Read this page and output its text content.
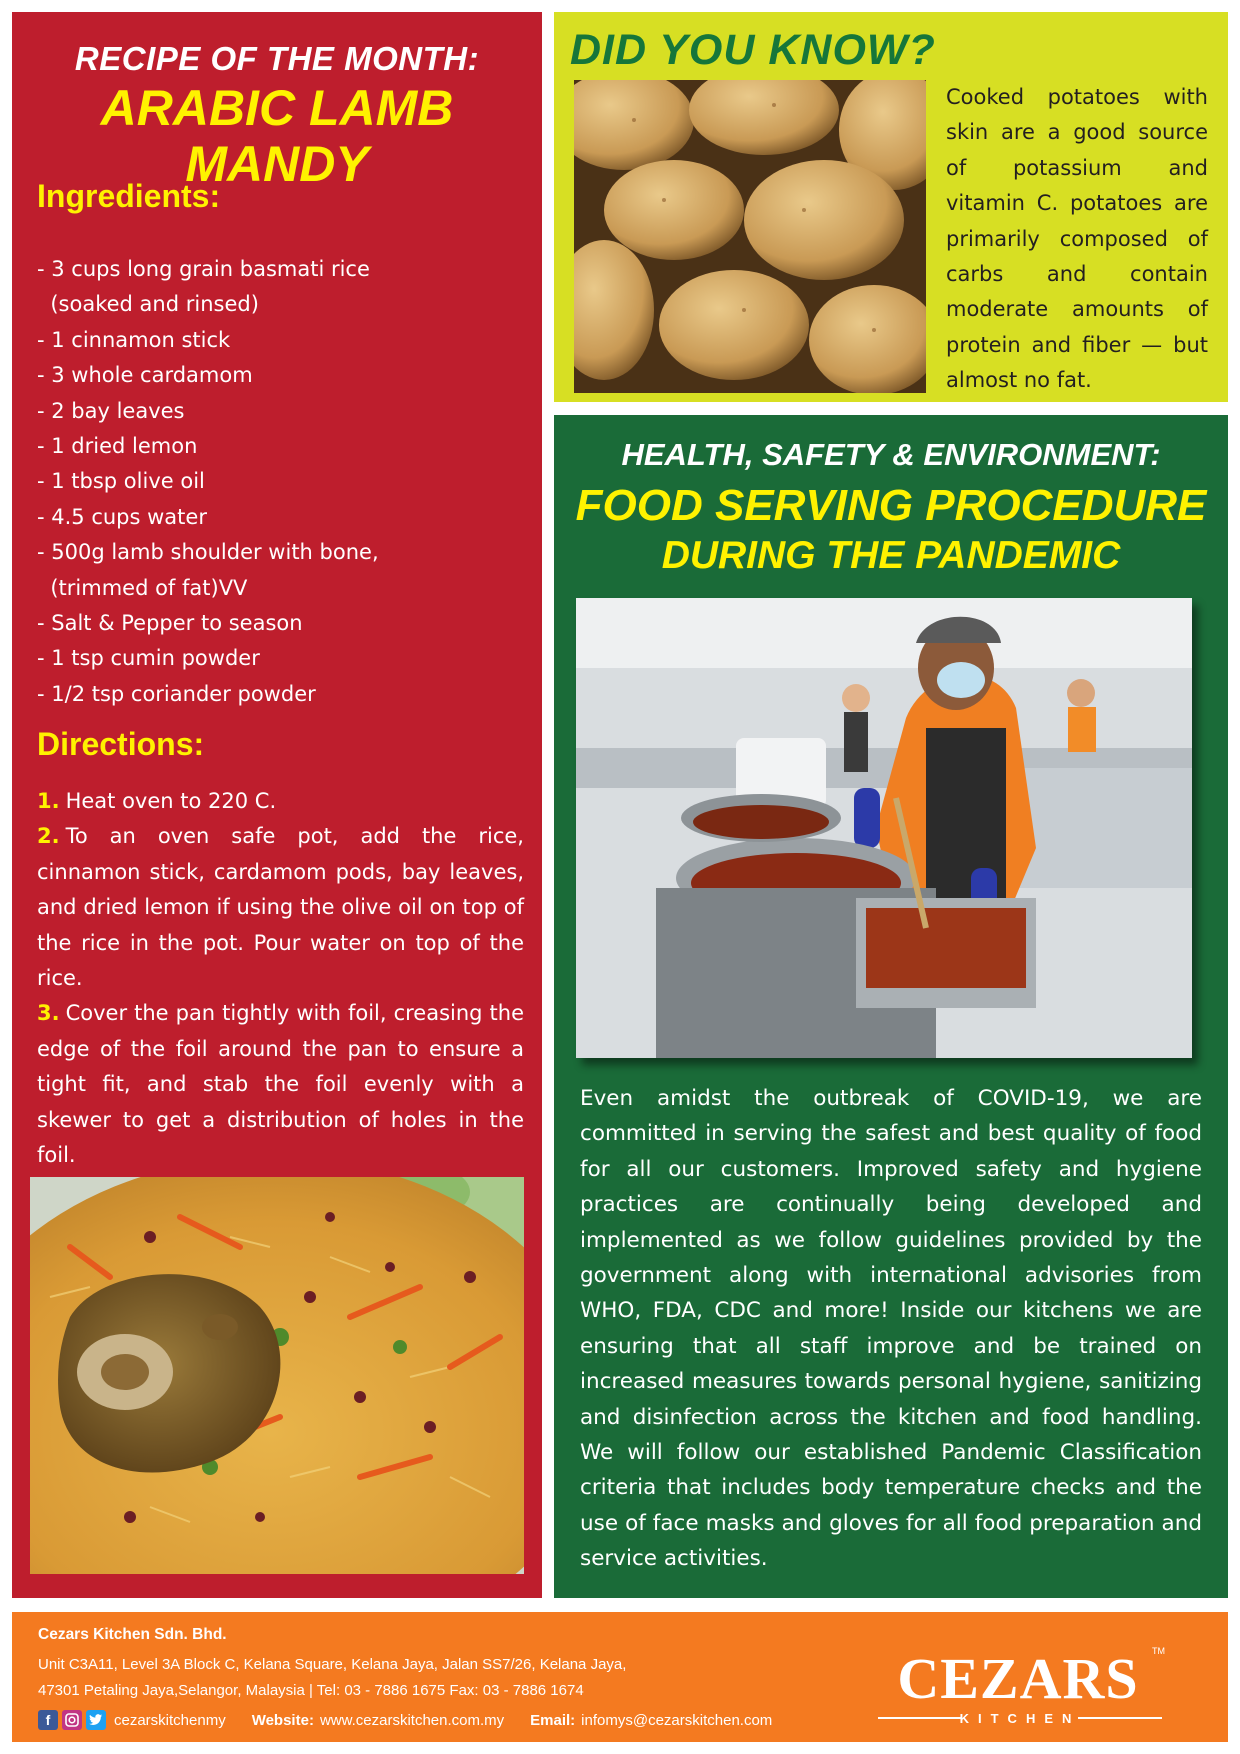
RECIPE OF THE MONTH:
ARABIC LAMB
MANDY
Ingredients:
- 3 cups long grain basmati rice
(soaked and rinsed)
- 1 cinnamon stick
- 3 whole cardamom
- 2 bay leaves
- 1 dried lemon
- 1 tbsp olive oil
- 4.5 cups water
- 500g lamb shoulder with bone,
(trimmed of fat)VV
- Salt & Pepper to season
- 1 tsp cumin powder
- 1/2 tsp coriander powder
Directions:

1. Heat oven to 220 C.

2. To an oven safe pot, add the rice, cinnamon stick, cardamom pods, bay leaves, and dried lemon if using the olive oil on top of the rice in the pot. Pour water on top of the rice.

3. Cover the pan tightly with foil, creasing the edge of the foil around the pan to ensure a tight fit, and stab the foil evenly with a skewer to get a distribution of holes in the foil.

DID YOU KNOW?

Cooked potatoes with skin are a good source of potassium and vitamin C. potatoes are primarily composed of carbs and contain moderate amounts of protein and fiber — but almost no fat.

HEALTH, SAFETY & ENVIRONMENT:
FOOD SERVING PROCEDURE
DURING THE PANDEMIC

Even amidst the outbreak of COVID-19, we are committed in serving the safest and best quality of food for all our customers. Improved safety and hygiene practices are continually being developed and implemented as we follow guidelines provided by the government along with international advisories from WHO, FDA, CDC and more! Inside our kitchens we are ensuring that all staff improve and be trained on increased measures towards personal hygiene, sanitizing and disinfection across the kitchen and food handling. We will follow our established Pandemic Classification criteria that includes body temperature checks and the use of face masks and gloves for all food preparation and service activities.

Cezars Kitchen Sdn. Bhd.
Unit C3A11, Level 3A Block C, Kelana Square, Kelana Jaya, Jalan SS7/26, Kelana Jaya,
47301 Petaling Jaya,Selangor, Malaysia | Tel: 03 - 7886 1675 Fax: 03 - 7886 1674
f	cezarskitchenmy Website: www.cezarskitchen.com.my Email: infomys@cezarskitchen.com
CEZARS TM
KITCHEN
